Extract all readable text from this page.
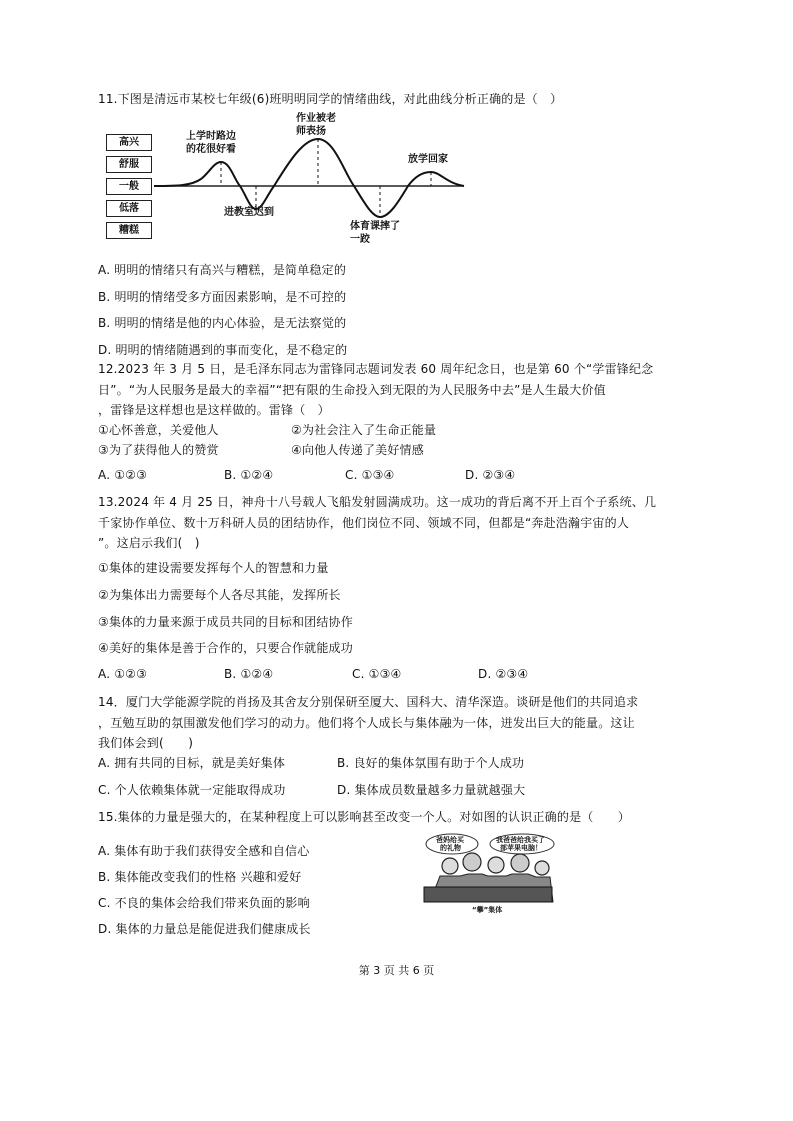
11.下图是清远市某校七年级(6)班明明同学的情绪曲线，对此曲线分析正确的是（　）
高兴
舒服
一般
低落
糟糕
上学时路边
的花很好看
作业被老
师表扬
进教室迟到
体育课摔了
一跤
放学回家
A. 明明的情绪只有高兴与糟糕，是简单稳定的
B. 明明的情绪受多方面因素影响，是不可控的
B. 明明的情绪是他的内心体验，是无法察觉的
D. 明明的情绪随遇到的事而变化，是不稳定的
12.2023 年 3 月 5 日，是毛泽东同志为雷锋同志题词发表 60 周年纪念日，也是第 60 个“学雷锋纪念
日”。“为人民服务是最大的幸福”“把有限的生命投入到无限的为人民服务中去”是人生最大价值
，雷锋是这样想也是这样做的。雷锋（　）
①心怀善意，关爱他人	②为社会注入了生命正能量
③为了获得他人的赞赏	④向他人传递了美好情感
A. ①②③	B. ①②④	C. ①③④	D. ②③④
13.2024 年 4 月 25 日，神舟十八号载人飞船发射圆满成功。这一成功的背后离不开上百个子系统、几
千家协作单位、数十万科研人员的团结协作，他们岗位不同、领域不同，但都是“奔赴浩瀚宇宙的人
”。这启示我们(　)
①集体的建设需要发挥每个人的智慧和力量
②为集体出力需要每个人各尽其能，发挥所长
③集体的力量来源于成员共同的目标和团结协作
④美好的集体是善于合作的，只要合作就能成功
A. ①②③	B. ①②④	C. ①③④	D. ②③④
14．厦门大学能源学院的肖扬及其舍友分别保研至厦大、国科大、清华深造。谈研是他们的共同追求
，互勉互助的氛围激发他们学习的动力。他们将个人成长与集体融为一体，迸发出巨大的能量。这让
我们体会到(　　)
A. 拥有共同的目标，就是美好集体	B. 良好的集体氛围有助于个人成功
C. 个人依赖集体就一定能取得成功	D. 集体成员数量越多力量就越强大
15.集体的力量是强大的，在某种程度上可以影响甚至改变一个人。对如图的认识正确的是（　　）
A. 集体有助于我们获得安全感和自信心
B. 集体能改变我们的性格 兴趣和爱好
C. 不良的集体会给我们带来负面的影响
D. 集体的力量总是能促进我们健康成长
爸妈给买
的礼物
我爸爸给我买了
部苹果电脑！
“攀”集体
第 3 页 共 6 页
